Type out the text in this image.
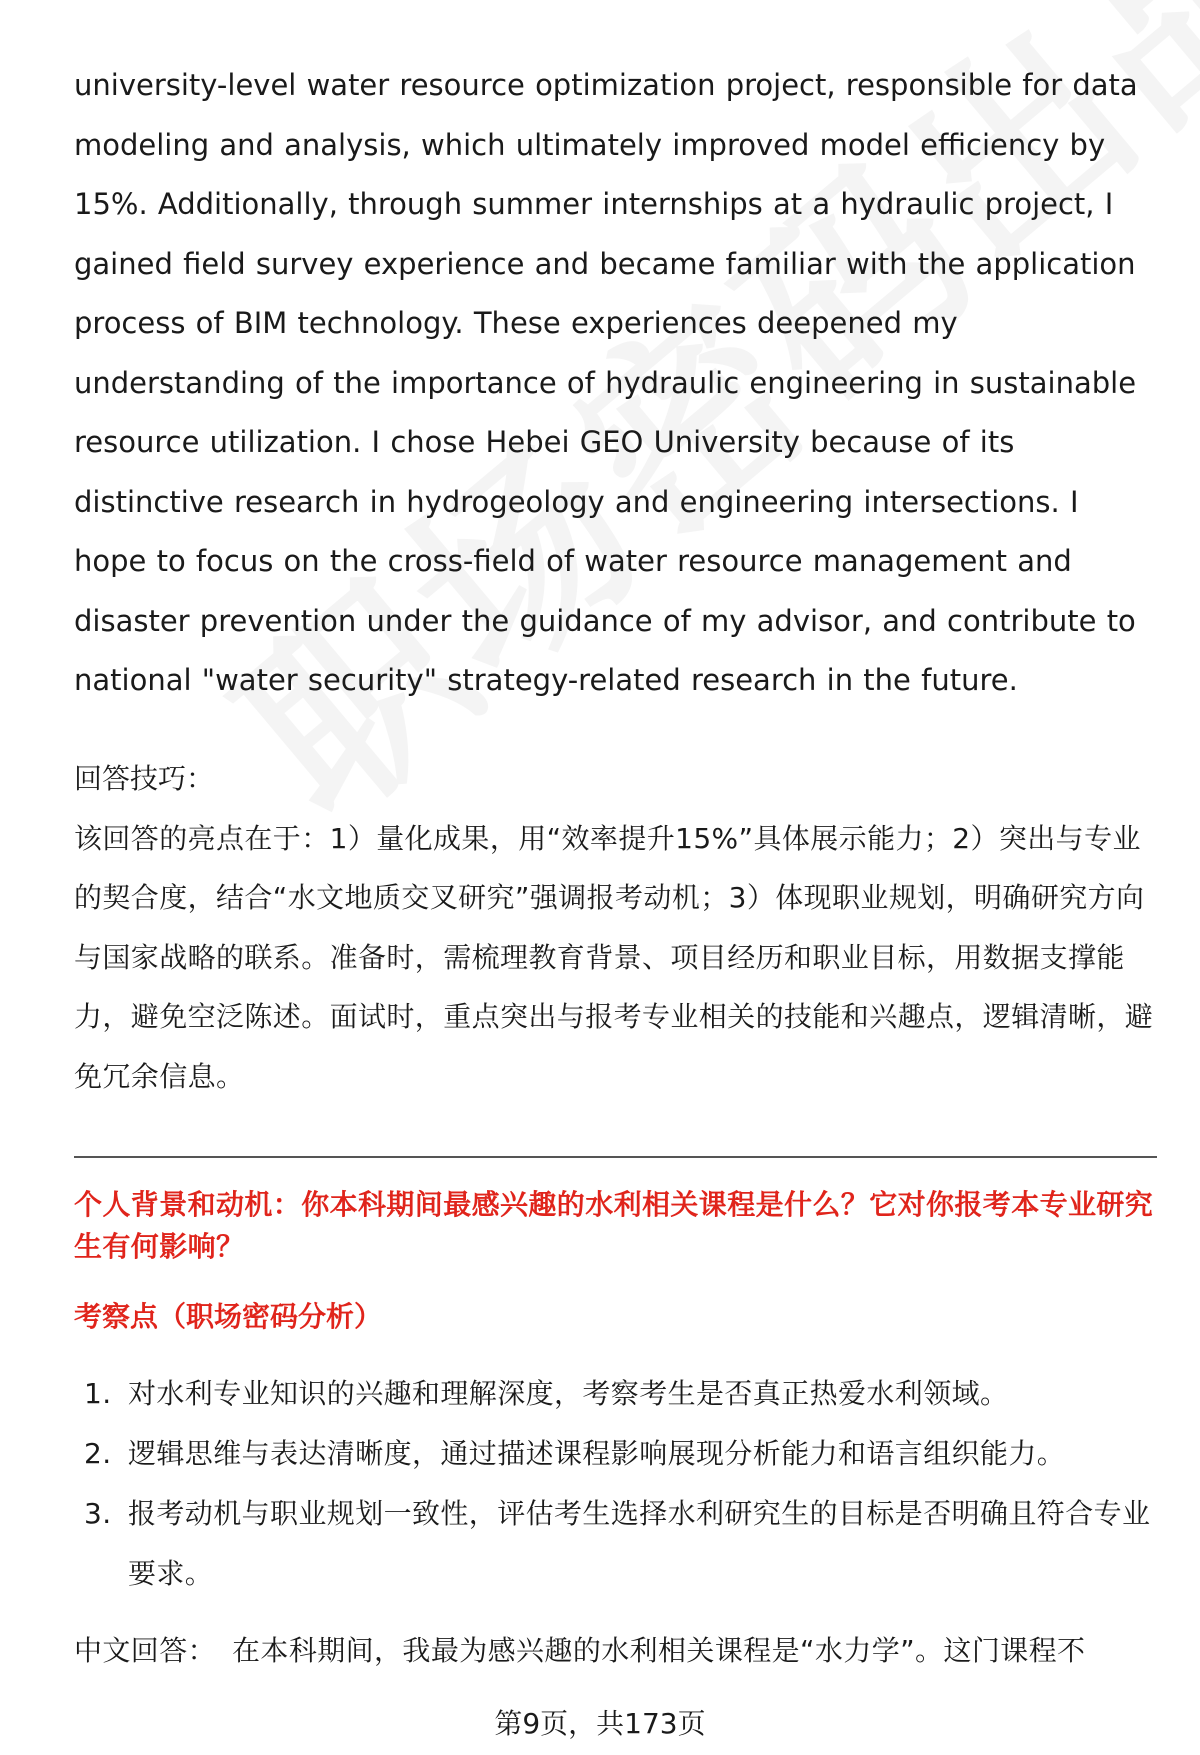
university-level water resource optimization project, responsible for data modeling and analysis, which ultimately improved model efficiency by 15%. Additionally, through summer internships at a hydraulic project, I gained field survey experience and became familiar with the application process of BIM technology. These experiences deepened my understanding of the importance of hydraulic engineering in sustainable resource utilization. I chose Hebei GEO University because of its distinctive research in hydrogeology and engineering intersections. I hope to focus on the cross-field of water resource management and disaster prevention under the guidance of my advisor, and contribute to national "water security" strategy-related research in the future.

回答技巧：

该回答的亮点在于：1）量化成果，用“效率提升15%”具体展示能力；2）突出与专业的契合度，结合“水文地质交叉研究”强调报考动机；3）体现职业规划，明确研究方向与国家战略的联系。准备时，需梳理教育背景、项目经历和职业目标，用数据支撑能力，避免空泛陈述。面试时，重点突出与报考专业相关的技能和兴趣点，逻辑清晰，避免冗余信息。

个人背景和动机：你本科期间最感兴趣的水利相关课程是什么？它对你报考本专业研究生有何影响？

考察点（职场密码分析）

1. 对水利专业知识的兴趣和理解深度，考察考生是否真正热爱水利领域。
2. 逻辑思维与表达清晰度，通过描述课程影响展现分析能力和语言组织能力。
3. 报考动机与职业规划一致性，评估考生选择水利研究生的目标是否明确且符合专业要求。

中文回答： 在本科期间，我最为感兴趣的水利相关课程是“水力学”。这门课程不

第9页，共173页
